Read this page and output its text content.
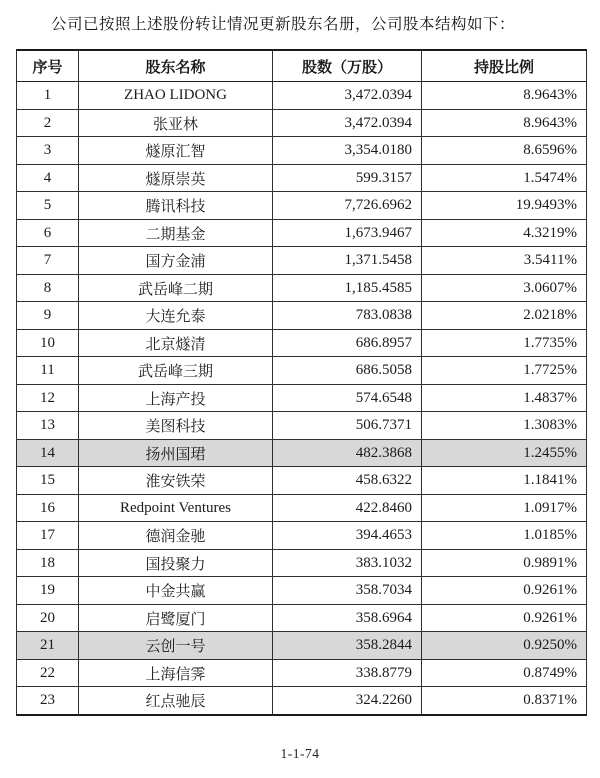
公司已按照上述股份转让情况更新股东名册，公司股本结构如下：

序号	股东名称	股数（万股）	持股比例
1	ZHAO LIDONG	3,472.0394	8.9643%
2	张亚林	3,472.0394	8.9643%
3	燧原汇智	3,354.0180	8.6596%
4	燧原崇英	599.3157	1.5474%
5	腾讯科技	7,726.6962	19.9493%
6	二期基金	1,673.9467	4.3219%
7	国方金浦	1,371.5458	3.5411%
8	武岳峰二期	1,185.4585	3.0607%
9	大连允泰	783.0838	2.0218%
10	北京燧清	686.8957	1.7735%
11	武岳峰三期	686.5058	1.7725%
12	上海产投	574.6548	1.4837%
13	美图科技	506.7371	1.3083%
14	扬州国珺	482.3868	1.2455%
15	淮安铁荣	458.6322	1.1841%
16	Redpoint Ventures	422.8460	1.0917%
17	德润金驰	394.4653	1.0185%
18	国投聚力	383.1032	0.9891%
19	中金共赢	358.7034	0.9261%
20	启鹭厦门	358.6964	0.9261%
21	云创一号	358.2844	0.9250%
22	上海信霁	338.8779	0.8749%
23	红点驰辰	324.2260	0.8371%
1-1-74
